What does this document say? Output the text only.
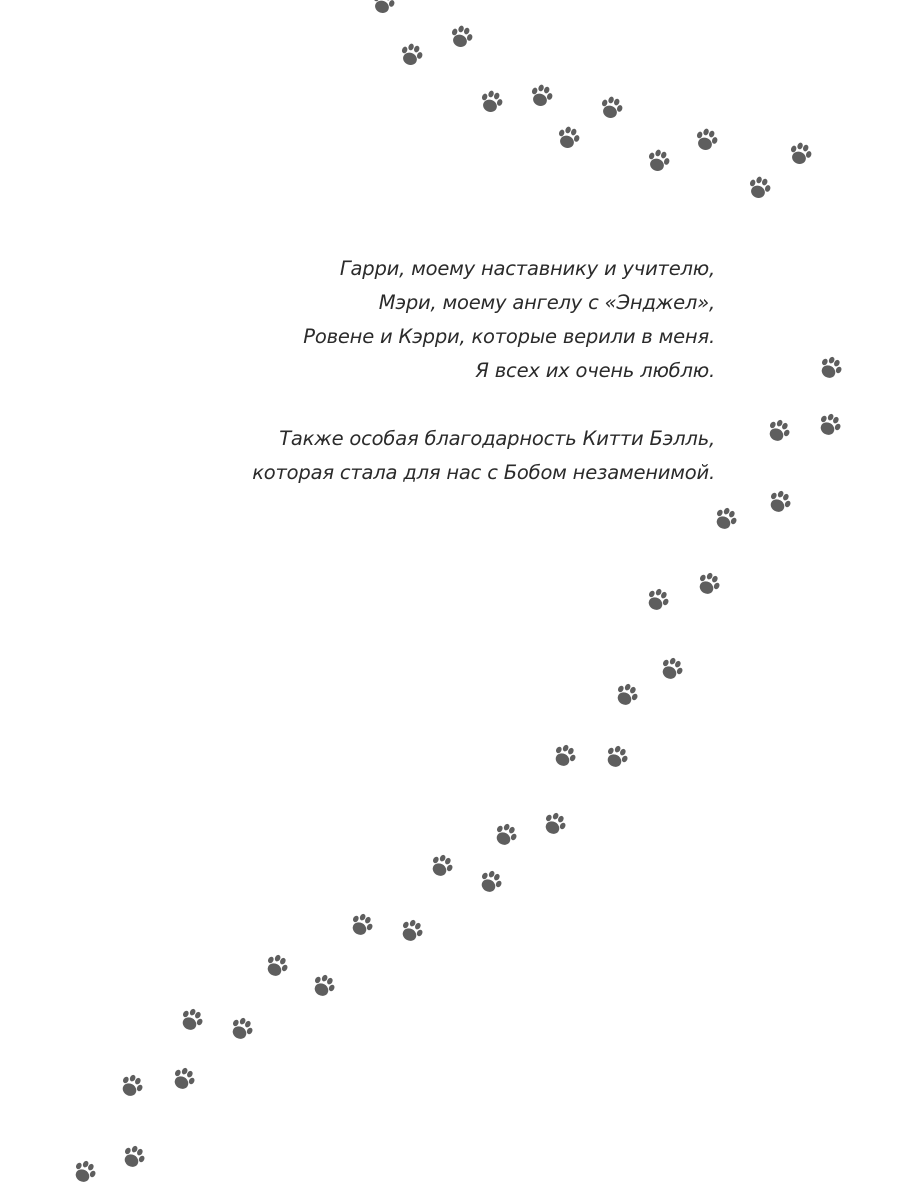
Гарри, моему наставнику и учителю,
Мэри, моему ангелу с «Энджел»,
Ровене и Кэрри, которые верили в меня.
Я всех их очень люблю.
Также особая благодарность Китти Бэлль,
которая стала для нас с Бобом незаменимой.
